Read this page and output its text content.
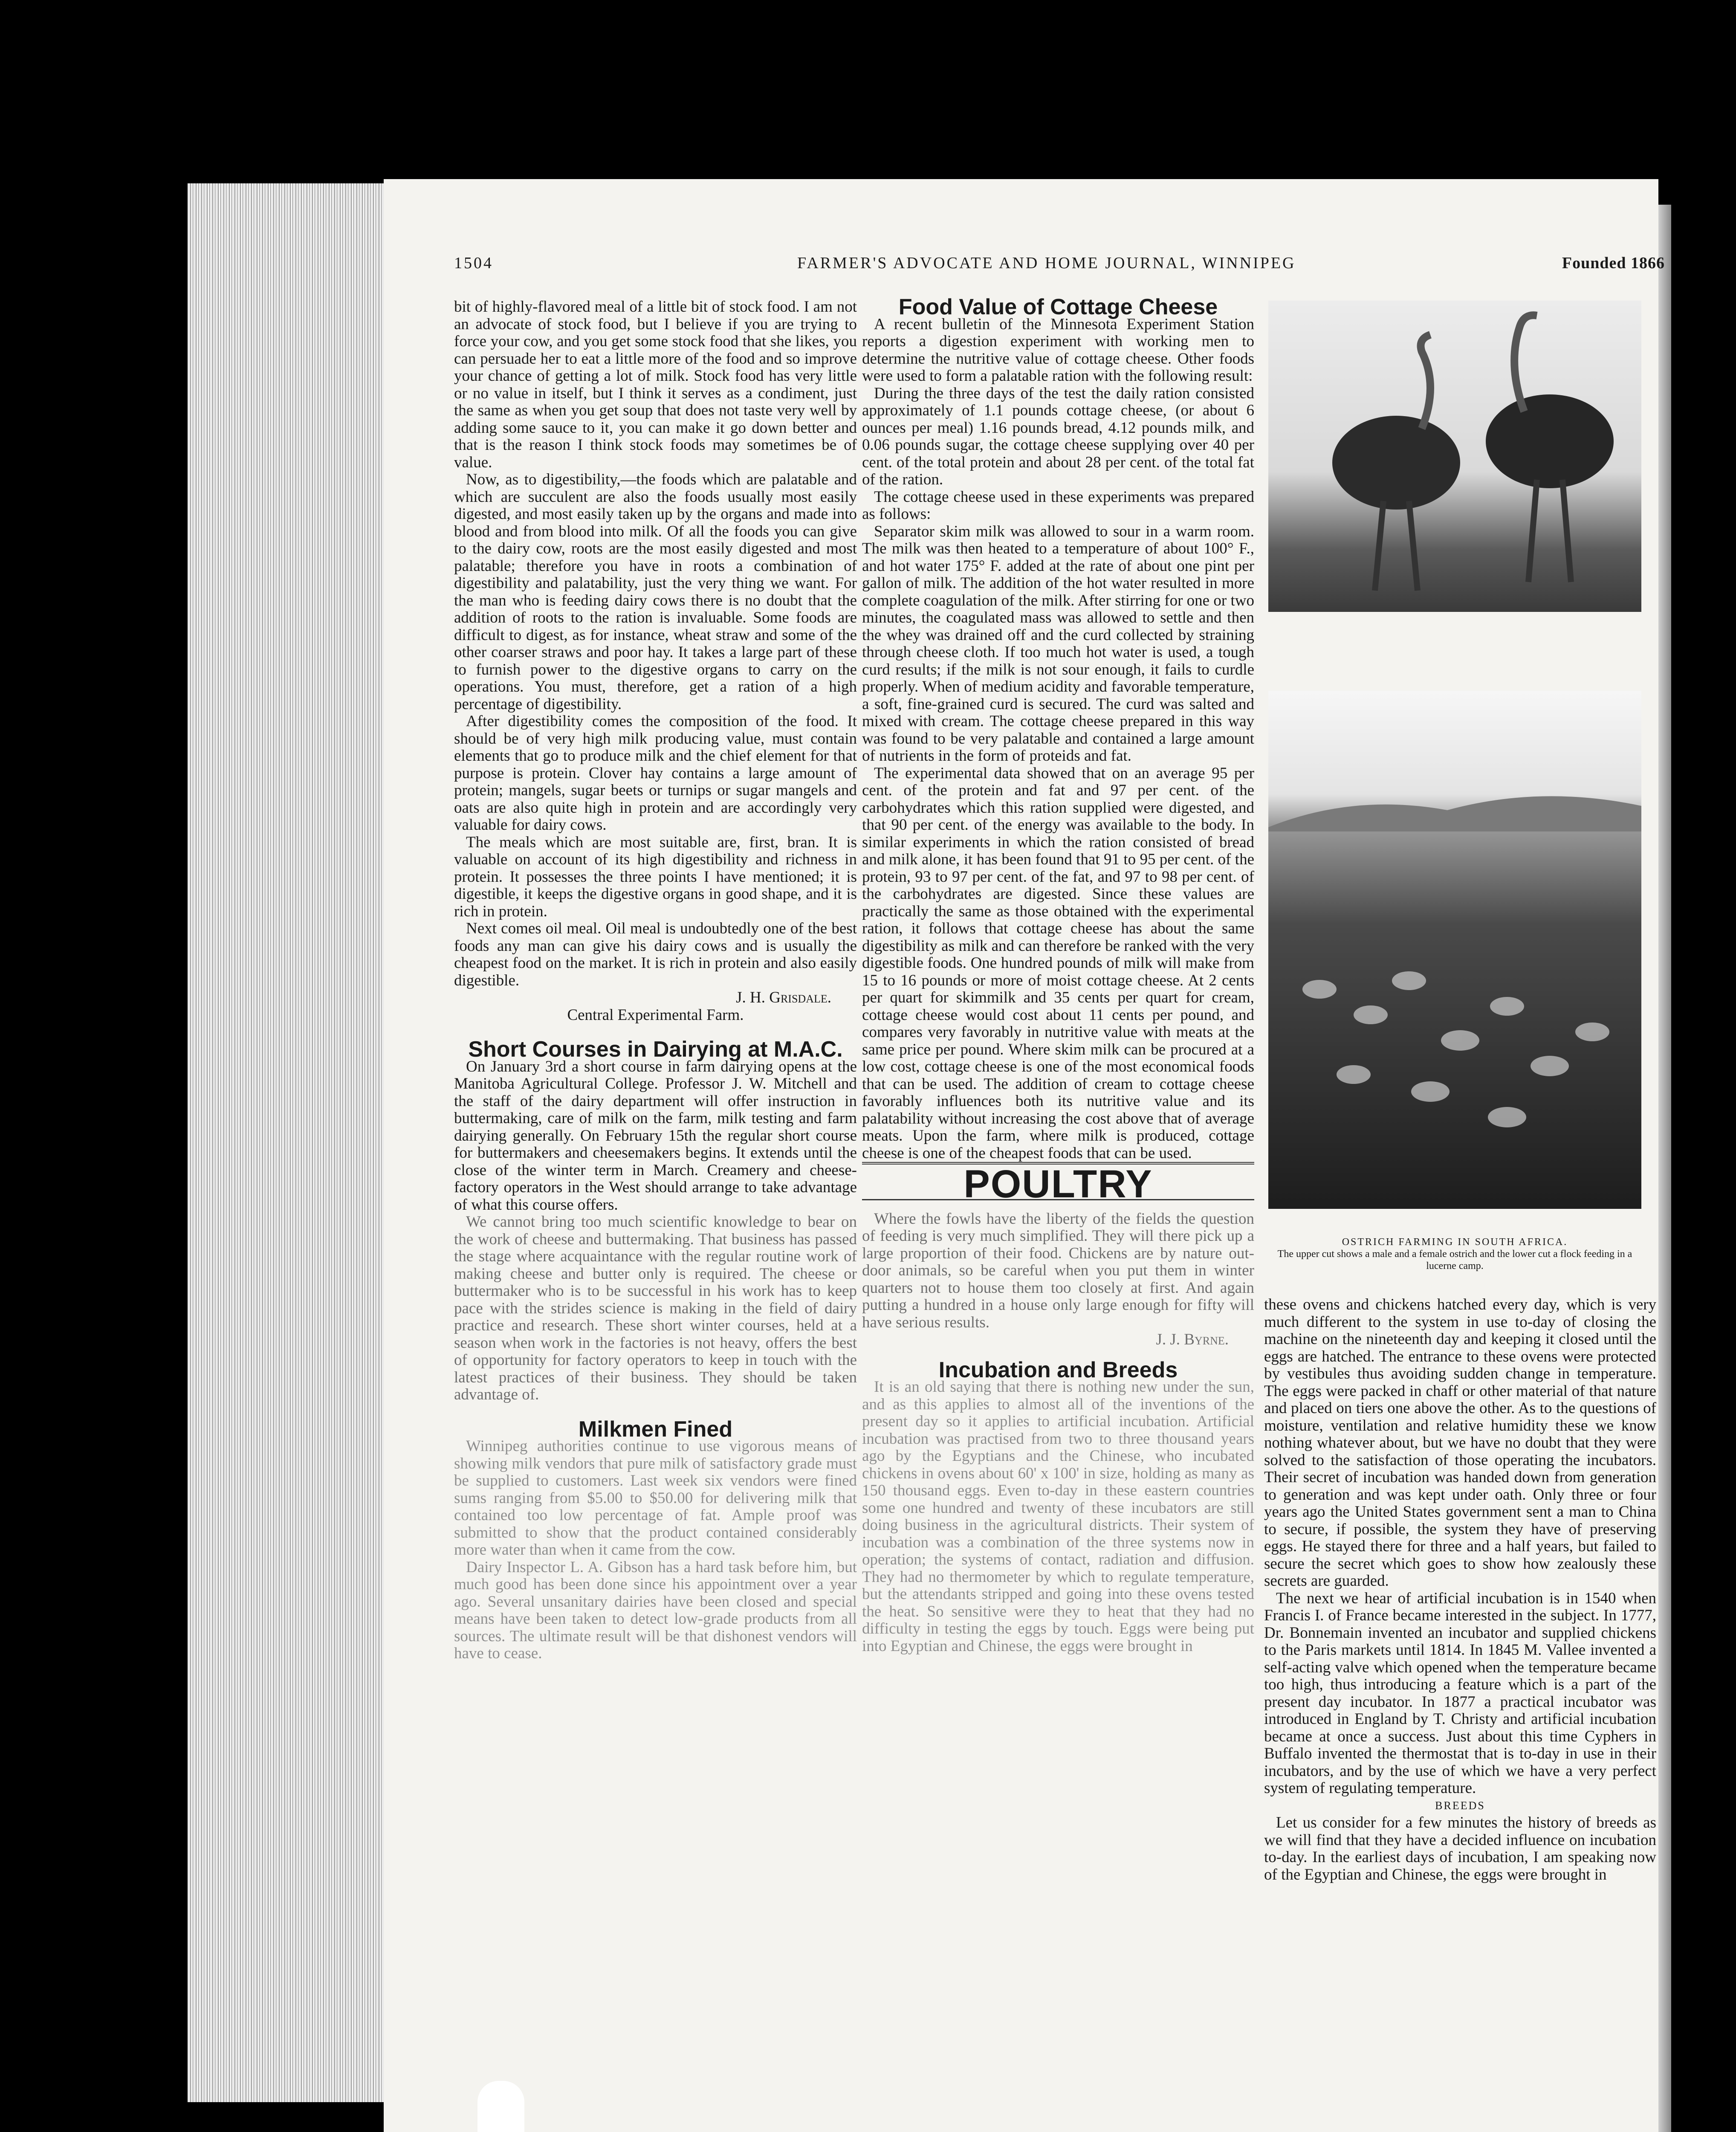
1504	FARMER'S ADVOCATE AND HOME JOURNAL, WINNIPEG	Founded 1866

bit of highly-flavored meal of a little bit of stock food. I am not an advocate of stock food, but I believe if you are trying to force your cow, and you get some stock food that she likes, you can persuade her to eat a little more of the food and so improve your chance of getting a lot of milk. Stock food has very little or no value in itself, but I think it serves as a condiment, just the same as when you get soup that does not taste very well by adding some sauce to it, you can make it go down better and that is the reason I think stock foods may sometimes be of value.

Now, as to digestibility,—the foods which are palatable and which are succulent are also the foods usually most easily digested, and most easily taken up by the organs and made into blood and from blood into milk. Of all the foods you can give to the dairy cow, roots are the most easily digested and most palatable; therefore you have in roots a combination of digestibility and palatability, just the very thing we want. For the man who is feeding dairy cows there is no doubt that the addition of roots to the ration is invaluable. Some foods are difficult to digest, as for instance, wheat straw and some of the other coarser straws and poor hay. It takes a large part of these to furnish power to the digestive organs to carry on the operations. You must, therefore, get a ration of a high percentage of digestibility.

After digestibility comes the composition of the food. It should be of very high milk producing value, must contain elements that go to produce milk and the chief element for that purpose is protein. Clover hay contains a large amount of protein; mangels, sugar beets or turnips or sugar mangels and oats are also quite high in protein and are accordingly very valuable for dairy cows.

The meals which are most suitable are, first, bran. It is valuable on account of its high digestibility and richness in protein. It possesses the three points I have mentioned; it is digestible, it keeps the digestive organs in good shape, and it is rich in protein.

Next comes oil meal. Oil meal is undoubtedly one of the best foods any man can give his dairy cows and is usually the cheapest food on the market. It is rich in protein and also easily digestible.

J. H. Grisdale.

Central Experimental Farm.

Short Courses in Dairying at M.A.C.

On January 3rd a short course in farm dairying opens at the Manitoba Agricultural College. Professor J. W. Mitchell and the staff of the dairy department will offer instruction in buttermaking, care of milk on the farm, milk testing and farm dairying generally. On February 15th the regular short course for buttermakers and cheesemakers begins. It extends until the close of the winter term in March. Creamery and cheese-factory operators in the West should arrange to take advantage of what this course offers.

We cannot bring too much scientific knowledge to bear on the work of cheese and buttermaking. That business has passed the stage where acquaintance with the regular routine work of making cheese and butter only is required. The cheese or buttermaker who is to be successful in his work has to keep pace with the strides science is making in the field of dairy practice and research. These short winter courses, held at a season when work in the factories is not heavy, offers the best of opportunity for factory operators to keep in touch with the latest practices of their business. They should be taken advantage of.

Milkmen Fined

Winnipeg authorities continue to use vigorous means of showing milk vendors that pure milk of satisfactory grade must be supplied to customers. Last week six vendors were fined sums ranging from $5.00 to $50.00 for delivering milk that contained too low percentage of fat. Ample proof was submitted to show that the product contained considerably more water than when it came from the cow.

Dairy Inspector L. A. Gibson has a hard task before him, but much good has been done since his appointment over a year ago. Several unsanitary dairies have been closed and special means have been taken to detect low-grade products from all sources. The ultimate result will be that dishonest vendors will have to cease.

Food Value of Cottage Cheese

A recent bulletin of the Minnesota Experiment Station reports a digestion experiment with working men to determine the nutritive value of cottage cheese. Other foods were used to form a palatable ration with the following result:

During the three days of the test the daily ration consisted approximately of 1.1 pounds cottage cheese, (or about 6 ounces per meal) 1.16 pounds bread, 4.12 pounds milk, and 0.06 pounds sugar, the cottage cheese supplying over 40 per cent. of the total protein and about 28 per cent. of the total fat of the ration.

The cottage cheese used in these experiments was prepared as follows:

Separator skim milk was allowed to sour in a warm room. The milk was then heated to a temperature of about 100° F., and hot water 175° F. added at the rate of about one pint per gallon of milk. The addition of the hot water resulted in more complete coagulation of the milk. After stirring for one or two minutes, the coagulated mass was allowed to settle and then the whey was drained off and the curd collected by straining through cheese cloth. If too much hot water is used, a tough curd results; if the milk is not sour enough, it fails to curdle properly. When of medium acidity and favorable temperature, a soft, fine-grained curd is secured. The curd was salted and mixed with cream. The cottage cheese prepared in this way was found to be very palatable and contained a large amount of nutrients in the form of proteids and fat.

The experimental data showed that on an average 95 per cent. of the protein and fat and 97 per cent. of the carbohydrates which this ration supplied were digested, and that 90 per cent. of the energy was available to the body. In similar experiments in which the ration consisted of bread and milk alone, it has been found that 91 to 95 per cent. of the protein, 93 to 97 per cent. of the fat, and 97 to 98 per cent. of the carbohydrates are digested. Since these values are practically the same as those obtained with the experimental ration, it follows that cottage cheese has about the same digestibility as milk and can therefore be ranked with the very digestible foods. One hundred pounds of milk will make from 15 to 16 pounds or more of moist cottage cheese. At 2 cents per quart for skimmilk and 35 cents per quart for cream, cottage cheese would cost about 11 cents per pound, and compares very favorably in nutritive value with meats at the same price per pound. Where skim milk can be procured at a low cost, cottage cheese is one of the most economical foods that can be used. The addition of cream to cottage cheese favorably influences both its nutritive value and its palatability without increasing the cost above that of average meats. Upon the farm, where milk is produced, cottage cheese is one of the cheapest foods that can be used.

POULTRY

Where the fowls have the liberty of the fields the question of feeding is very much simplified. They will there pick up a large proportion of their food. Chickens are by nature out-door animals, so be careful when you put them in winter quarters not to house them too closely at first. And again putting a hundred in a house only large enough for fifty will have serious results.

J. J. Byrne.

Incubation and Breeds

It is an old saying that there is nothing new under the sun, and as this applies to almost all of the inventions of the present day so it applies to artificial incubation. Artificial incubation was practised from two to three thousand years ago by the Egyptians and the Chinese, who incubated chickens in ovens about 60' x 100' in size, holding as many as 150 thousand eggs. Even to-day in these eastern countries some one hundred and twenty of these incubators are still doing business in the agricultural districts. Their system of incubation was a combination of the three systems now in operation; the systems of contact, radiation and diffusion. They had no thermometer by which to regulate temperature, but the attendants stripped and going into these ovens tested the heat. So sensitive were they to heat that they had no difficulty in testing the eggs by touch. Eggs were being put into Egyptian and Chinese, the eggs were brought in

OSTRICH FARMING IN SOUTH AFRICA.
The upper cut shows a male and a female ostrich and the lower cut a flock feeding in a lucerne camp.

these ovens and chickens hatched every day, which is very much different to the system in use to-day of closing the machine on the nineteenth day and keeping it closed until the eggs are hatched. The entrance to these ovens were protected by vestibules thus avoiding sudden change in temperature. The eggs were packed in chaff or other material of that nature and placed on tiers one above the other. As to the questions of moisture, ventilation and relative humidity these we know nothing whatever about, but we have no doubt that they were solved to the satisfaction of those operating the incubators. Their secret of incubation was handed down from generation to generation and was kept under oath. Only three or four years ago the United States government sent a man to China to secure, if possible, the system they have of preserving eggs. He stayed there for three and a half years, but failed to secure the secret which goes to show how zealously these secrets are guarded.

The next we hear of artificial incubation is in 1540 when Francis I. of France became interested in the subject. In 1777, Dr. Bonnemain invented an incubator and supplied chickens to the Paris markets until 1814. In 1845 M. Vallee invented a self-acting valve which opened when the temperature became too high, thus introducing a feature which is a part of the present day incubator. In 1877 a practical incubator was introduced in England by T. Christy and artificial incubation became at once a success. Just about this time Cyphers in Buffalo invented the thermostat that is to-day in use in their incubators, and by the use of which we have a very perfect system of regulating temperature.

BREEDS

Let us consider for a few minutes the history of breeds as we will find that they have a decided influence on incubation to-day. In the earliest days of incubation, I am speaking now of the Egyptian and Chinese, the eggs were brought in
